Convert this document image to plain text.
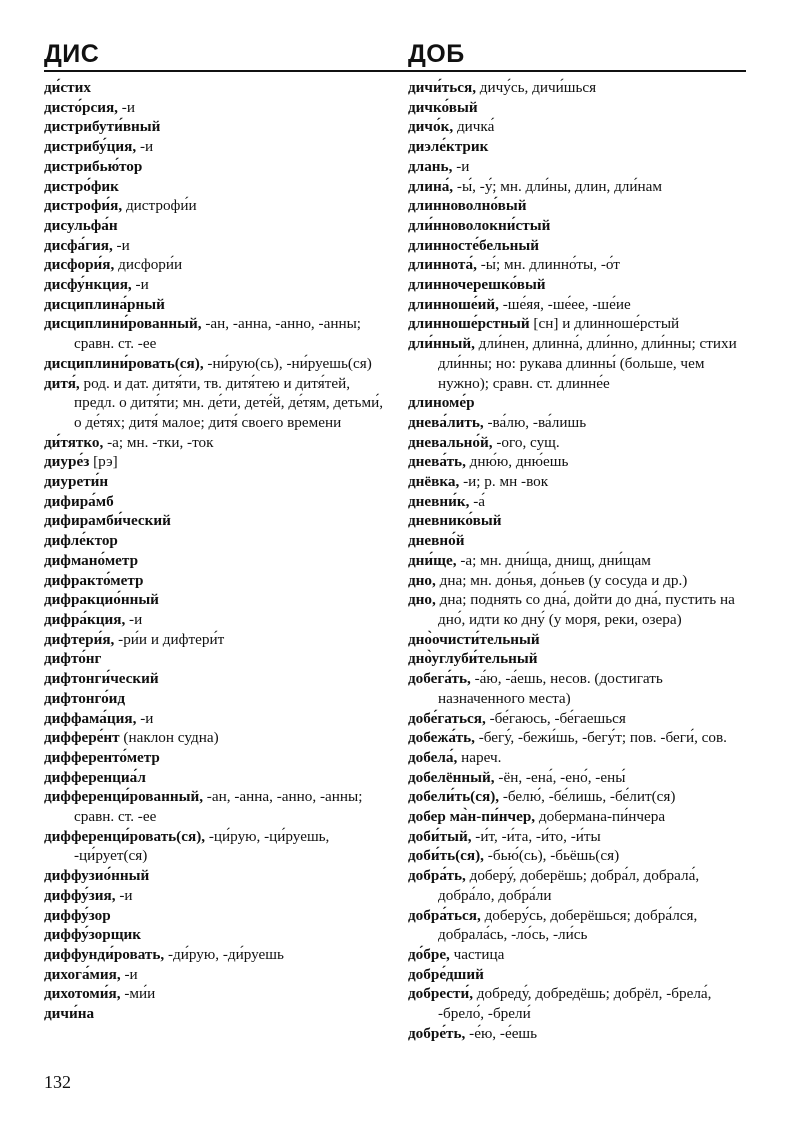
ДИС	ДОБ
ди́стих
дисто́рсия, -и
дистрибути́вный
дистрибу́ция, -и
дистрибью́тор
дистро́фик
дистрофи́я, дистрофи́и
дисульфа́н
дисфа́гия, -и
дисфори́я, дисфори́и
дисфу́нкция, -и
дисциплина́рный
дисциплини́рованный, -ан, -анна, -анно, -анны; сравн. ст. -ее
дисциплини́ровать(ся), -ни́рую(сь), -ни́руешь(ся)
дитя́, род. и дат. дитя́ти, тв. дитя́тею и дитя́тей, предл. о дитя́ти; мн. де́ти, дете́й, де́тям, детьми́, о де́тях; дитя́ малое; дитя́ своего времени
ди́тятко, -а; мн. -тки, -ток
диуре́з [рэ]
диурети́н
дифира́мб
дифирамби́ческий
дифле́ктор
дифмано́метр
дифракто́метр
дифракцио́нный
дифра́кция, -и
дифтери́я, -ри́и и дифтери́т
дифто́нг
дифтонги́ческий
дифтонго́ид
диффама́ция, -и
диффере́нт (наклон судна)
дифференто́метр
дифференциа́л
дифференци́рованный, -ан, -анна, -анно, -анны; сравн. ст. -ее
дифференци́ровать(ся), -ци́рую, -ци́руешь, -ци́рует(ся)
диффузио́нный
диффу́зия, -и
диффу́зор
диффу́зорщик
диффунди́ровать, -ди́рую, -ди́руешь
дихога́мия, -и
дихотоми́я, -ми́и
дичи́на
дичи́ться, дичу́сь, дичи́шься
дичко́вый
дичо́к, дичка́
диэле́ктрик
длань, -и
длина́, -ы́, -у́; мн. дли́ны, длин, дли́нам
длинноволно́вый
дли́нноволокни́стый
длинносте́бельный
длиннота́, -ы́; мн. длинно́ты, -о́т
длинночерешко́вый
длинноше́ий, -ше́яя, -ше́ее, -ше́ие
длинноше́рстный [сн] и длинноше́рстый
дли́нный, дли́нен, длинна́, дли́нно, дли́нны; стихи дли́нны; но: рукава длинны́ (больше, чем нужно); сравн. ст. длинне́е
длиноме́р
днева́лить, -ва́лю, -ва́лишь
дневально́й, -ого, сущ.
днева́ть, дню́ю, дню́ешь
днёвка, -и; р. мн -вок
дневни́к, -а́
дневнико́вый
дневно́й
дни́ще, -а; мн. дни́ща, днищ, дни́щам
дно, дна; мн. до́нья, до́ньев (у сосуда и др.)
дно, дна; поднять со дна́, дойти до дна́, пустить на дно́, идти ко дну́ (у моря, реки, озера)
дно̀очисти́тельный
дно̀углуби́тельный
добега́ть, -а́ю, -а́ешь, несов. (достигать назначенного места)
добе́гаться, -бе́гаюсь, -бе́гаешься
добежа́ть, -бегу́, -бежи́шь, -бегу́т; пов. -беги́, сов.
добела́, нареч.
добелённый, -ён, -ена́, -ено́, -ены́
добели́ть(ся), -белю́, -бе́лишь, -бе́лит(ся)
добер ма̀н-пи́нчер, добермана-пи́нчера
доби́тый, -и́т, -и́та, -и́то, -и́ты
доби́ть(ся), -бью́(сь), -бьёшь(ся)
добра́ть, доберу́, доберёшь; добра́л, добрала́, добра́ло, добра́ли
добра́ться, доберу́сь, доберёшься; добра́лся, добрала́сь, -ло́сь, -ли́сь
до́бре, частица
добре́дший
добрести́, добреду́, добредёшь; добрёл, -брела́, -брело́, -брели́
добре́ть, -е́ю, -е́ешь
132
